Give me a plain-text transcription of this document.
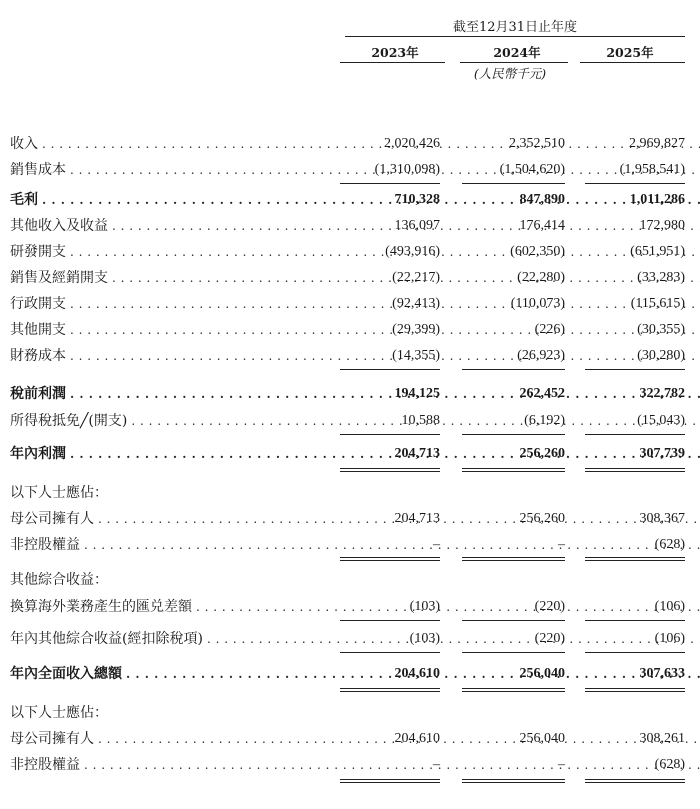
截至12月31日止年度
2023年	2024年	2025年
(人民幣千元)
收入 . . .	2,020,426	2,352,510	2,969,827
銷售成本 . . .	(1,310,098)	(1,504,620)	(1,958,541)
毛利 . . .	710,328	847,890	1,011,286
其他收入及收益 . . .	136,097	176,414	172,980
研發開支 . . .	(493,916)	(602,350)	(651,951)
銷售及經銷開支 . . .	(22,217)	(22,280)	(33,283)
行政開支 . . .	(92,413)	(110,073)	(115,615)
其他開支 . . .	(29,399)	(226)	(30,355)
財務成本 . . .	(14,355)	(26,923)	(30,280)
稅前利潤 . . .	194,125	262,452	322,782
所得稅抵免╱(開支) . . .	10,588	(6,192)	(15,043)
年內利潤 . . .	204,713	256,260	307,739
以下人士應佔：
母公司擁有人 . . .	204,713	256,260	308,367
非控股權益 . . .	–	–	(628)
其他綜合收益：
換算海外業務產生的匯兑差額 . . .	(103)	(220)	(106)
年內其他綜合收益(經扣除稅項) . . .	(103)	(220)	(106)
年內全面收入總額 . . .	204,610	256,040	307,633
以下人士應佔：
母公司擁有人 . . .	204,610	256,040	308,261
非控股權益 . . .	–	–	(628)
